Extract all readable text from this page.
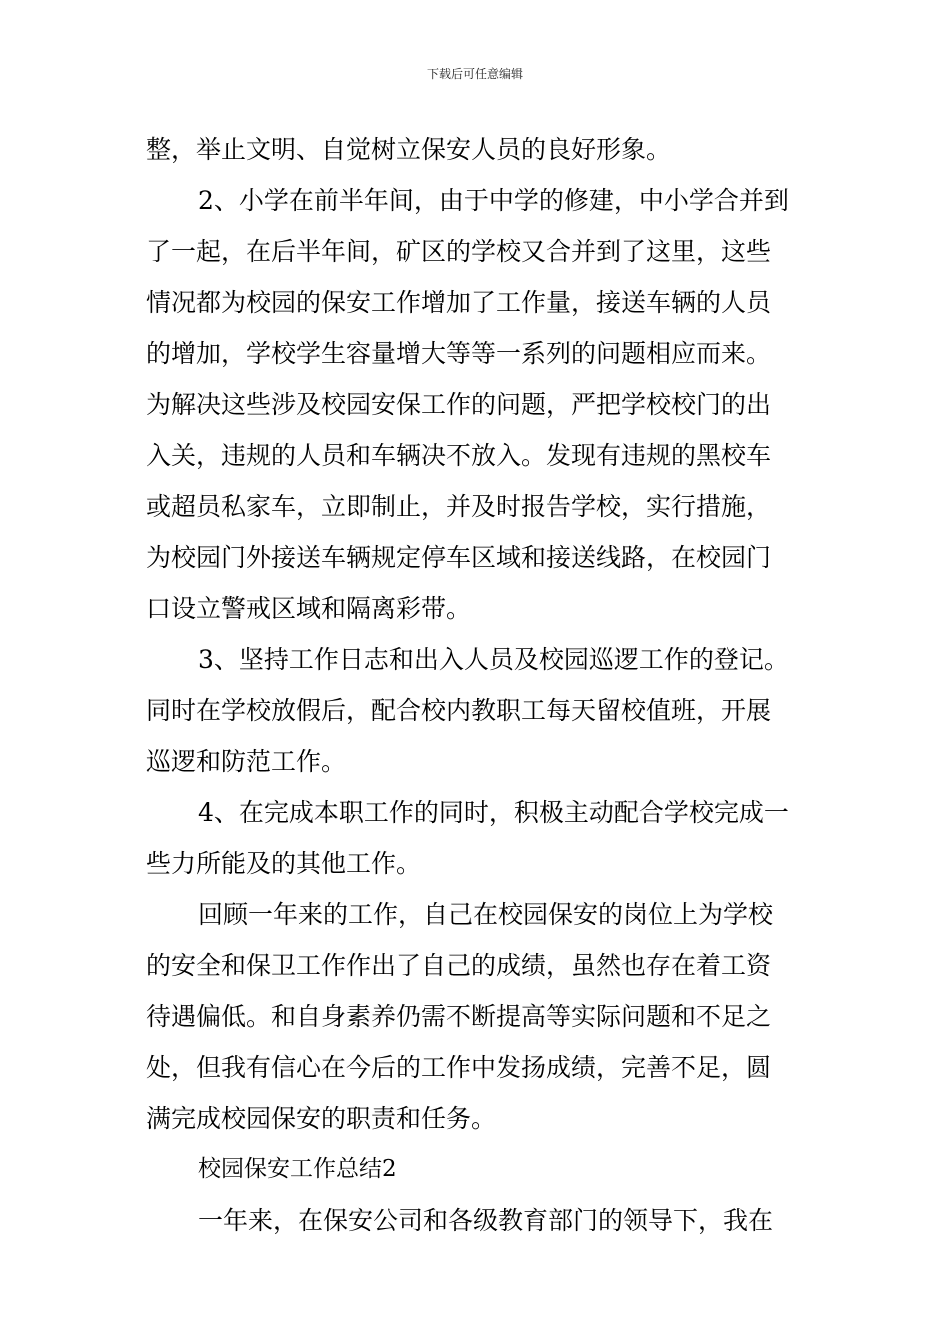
下载后可任意编辑
整，举止文明、自觉树立保安人员的良好形象。
2、小学在前半年间，由于中学的修建，中小学合并到
了一起，在后半年间，矿区的学校又合并到了这里，这些
情况都为校园的保安工作增加了工作量，接送车辆的人员
的增加，学校学生容量增大等等一系列的问题相应而来。
为解决这些涉及校园安保工作的问题，严把学校校门的出
入关，违规的人员和车辆决不放入。发现有违规的黑校车
或超员私家车，立即制止，并及时报告学校，实行措施，
为校园门外接送车辆规定停车区域和接送线路，在校园门
口设立警戒区域和隔离彩带。
3、坚持工作日志和出入人员及校园巡逻工作的登记。
同时在学校放假后，配合校内教职工每天留校值班，开展
巡逻和防范工作。
4、在完成本职工作的同时，积极主动配合学校完成一
些力所能及的其他工作。
回顾一年来的工作，自己在校园保安的岗位上为学校
的安全和保卫工作作出了自己的成绩，虽然也存在着工资
待遇偏低。和自身素养仍需不断提高等实际问题和不足之
处，但我有信心在今后的工作中发扬成绩，完善不足，圆
满完成校园保安的职责和任务。
校园保安工作总结2
一年来，在保安公司和各级教育部门的领导下，我在
